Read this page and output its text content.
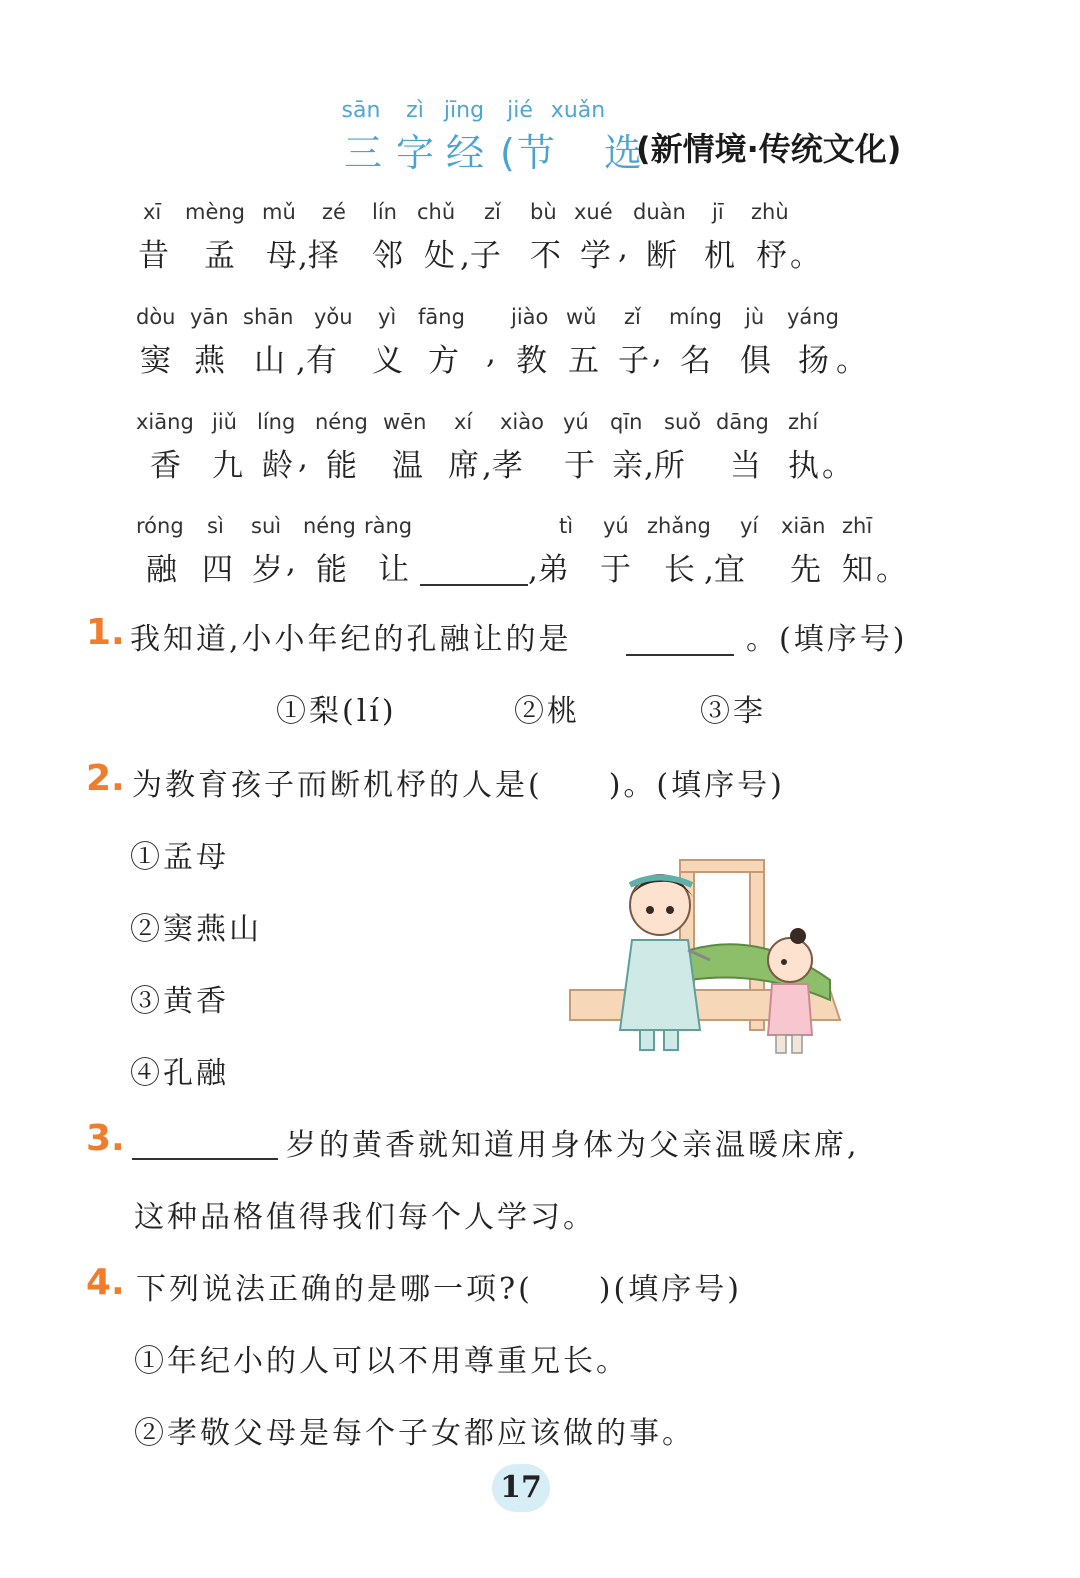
sān	zì jīng	jié xuǎn
三 字 经 (节 选
(新情境·传统文化)
xī mèng mǔ zé lín chǔ zǐ bù xué duàn jī zhù
昔 孟 母 ,择 邻 处 ,子 不 学 , 断 机 杼 。
dòu yān shān yǒu yì fāng jiào wǔ zǐ míng jù yáng
窦 燕 山 ,有 义 方 , 教 五 子 , 名 俱 扬 。
xiāng jiǔ líng néng wēn xí xiào yú qīn suǒ dāng zhí
香 九 龄 , 能 温 席 ,孝 于 亲 ,所 当 执 。
róng sì suì néng ràng	tì yú zhǎng yí xiān zhī
融 四 岁 , 能 让	,弟 于 长 ,宜 先 知 。
1. 我知道,小小年纪的孔融让的是	。(填序号)
①梨(lí)	②桃	③李
2. 为教育孩子而断机杼的人是(　　)。(填序号)
①孟母
②窦燕山
③黄香
④孔融
3.	岁的黄香就知道用身体为父亲温暖床席,
这种品格值得我们每个人学习。
4. 下列说法正确的是哪一项?(　　)(填序号)
①年纪小的人可以不用尊重兄长。
②孝敬父母是每个子女都应该做的事。
17
